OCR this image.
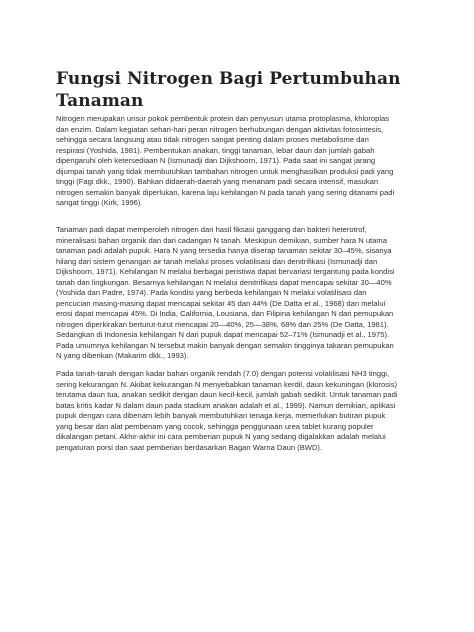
Fungsi Nitrogen Bagi Pertumbuhan Tanaman

Nitrogen merupakan unsur pokok pembentuk protein dan penyusun utama protoplasma, khloroplas
dan enzim. Dalam kegiatan sehari-hari peran nitrogen berhubungan dengan aktivitas fotosintesis,
sehingga secara langsung atau tidak nitrogen sangat penting dalam proses metabolisme dan
respirasi (Yoshida, 1981). Pembentukan anakan, tinggi tanaman, lebar daun dan jumlah gabah
dipengaruhi oleh ketersediaan N (Ismunadji dan Dijkshoorn, 1971). Pada saat ini sangat jarang
dijumpai tanah yang tidak membutuhkan tambahan nitrogen untuk menghasilkan produksi padi yang
tinggi (Fagi dkk., 1990). Bahkan didaerah-daerah yang menanam padi secara intensif, masukan
nitrogen semakin banyak diperlukan, karena laju kehilangan N pada tanah yang sering ditanami padi
sangat tinggi (Kirk, 1996).

Tanaman padi dapat memperoleh nitrogen dari hasil fiksasi ganggang dan bakteri heterotrof,
mineralisasi bahan organik dan dari cadangan N tanah. Meskipun demikian, sumber hara N utama
tanaman padi adalah pupuk. Hara N yang tersedia hanya diserap tanaman sekitar 30–45%, sisanya
hilang dari sistem genangan air tanah melalui proses volatilisasi dan denitrifikasi (Ismunadji dan
Dijkshoorn, 1971). Kehilangan N melalui berbagai peristiwa dapat bervariasi tergantung pada kondisi
tanah dan lingkungan. Besarnya kehilangan N melalui denitrifikasi dapat mencapai sekitar 30—40%
(Yoshida dan Padre, 1974). Pada kondisi yang berbeda kehilangan N melalui volatilisasi dan
pencucian masing-masing dapat mencapai sekitar 45 dan 44% (De Datta et al., 1968) dan melalui
erosi dapat mencapai 45%. Di India, California, Lousiana, dan Filipina kehilangan N dari pemupukan
nitrogen diperkirakan berturut-turut mencapai 20—40%, 25—38%, 68% dan 25% (De Datta, 1981).
Sedangkan di Indonesia kehilangan N dari pupuk dapat mencapai 52–71% (Ismunadji et al., 1975).
Pada umumnya kehilangan N tersebut makin banyak dengan semakin tingginya takaran pemupukan
N yang diberikan (Makarim dkk., 1993).

Pada tanah-tanah dengan kadar bahan organik rendah (7.0) dengan potensi volatilisasi NH3 tinggi,
sering kekurangan N. Akibat kekurangan N menyebabkan tanaman kerdil, daun kekuningan (klorosis)
terutama daun tua, anakan sedikit dengan daun kecil-kecil, jumlah gabah sedikit. Untuk tanaman padi
batas kritis kadar N dalam daun pada stadium anakan adalah et al., 1999). Namun demikian, aplikasi
pupuk dengan cara dibenam lebih banyak membutuhkan tenaga kerja, memerlukan butiran pupuk
yang besar dan alat pembenam yang cocok, sehingga penggunaan urea tablet kurang populer
dikalangan petani. Akhir-akhir ini cara pemberian pupuk N yang sedang digalakkan adalah melalui
pengaturan porsi dan saat pemberian berdasarkan Bagan Warna Daun (BWD).
